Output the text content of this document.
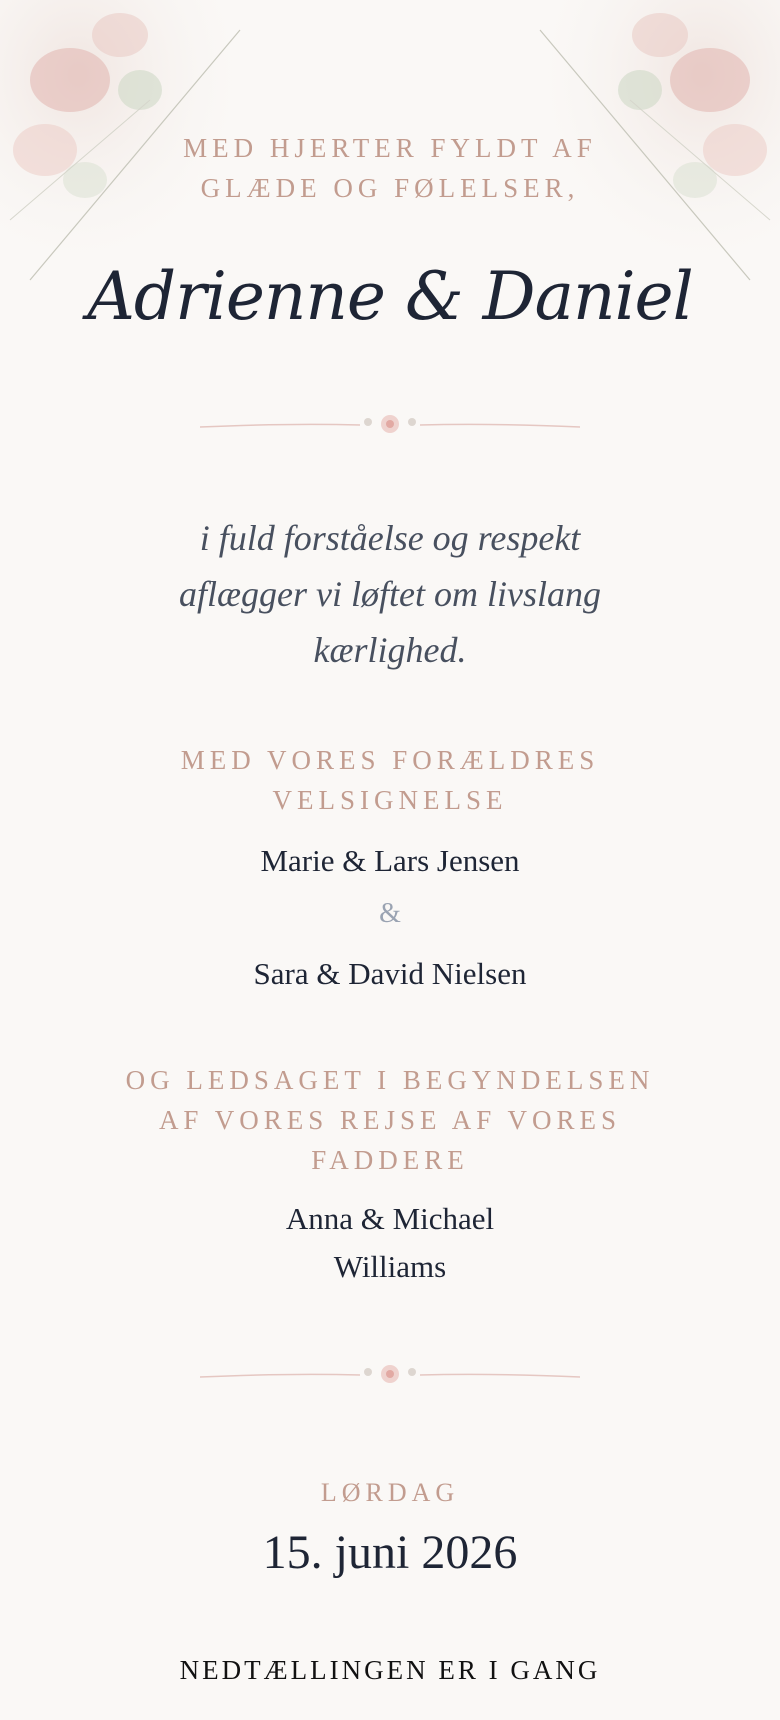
MED HJERTER FYLDT AF GLÆDE OG FØLELSER,
Adrienne & Daniel
i fuld forståelse og respekt aflægger vi løftet om livslang kærlighed.
MED VORES FORÆLDRES VELSIGNELSE
Marie & Lars Jensen
&
Sara & David Nielsen
OG LEDSAGET I BEGYNDELSEN AF VORES REJSE AF VORES FADDERE
Anna & Michael Williams
LØRDAG
15. juni 2026
NEDTÆLLINGEN ER I GANG
